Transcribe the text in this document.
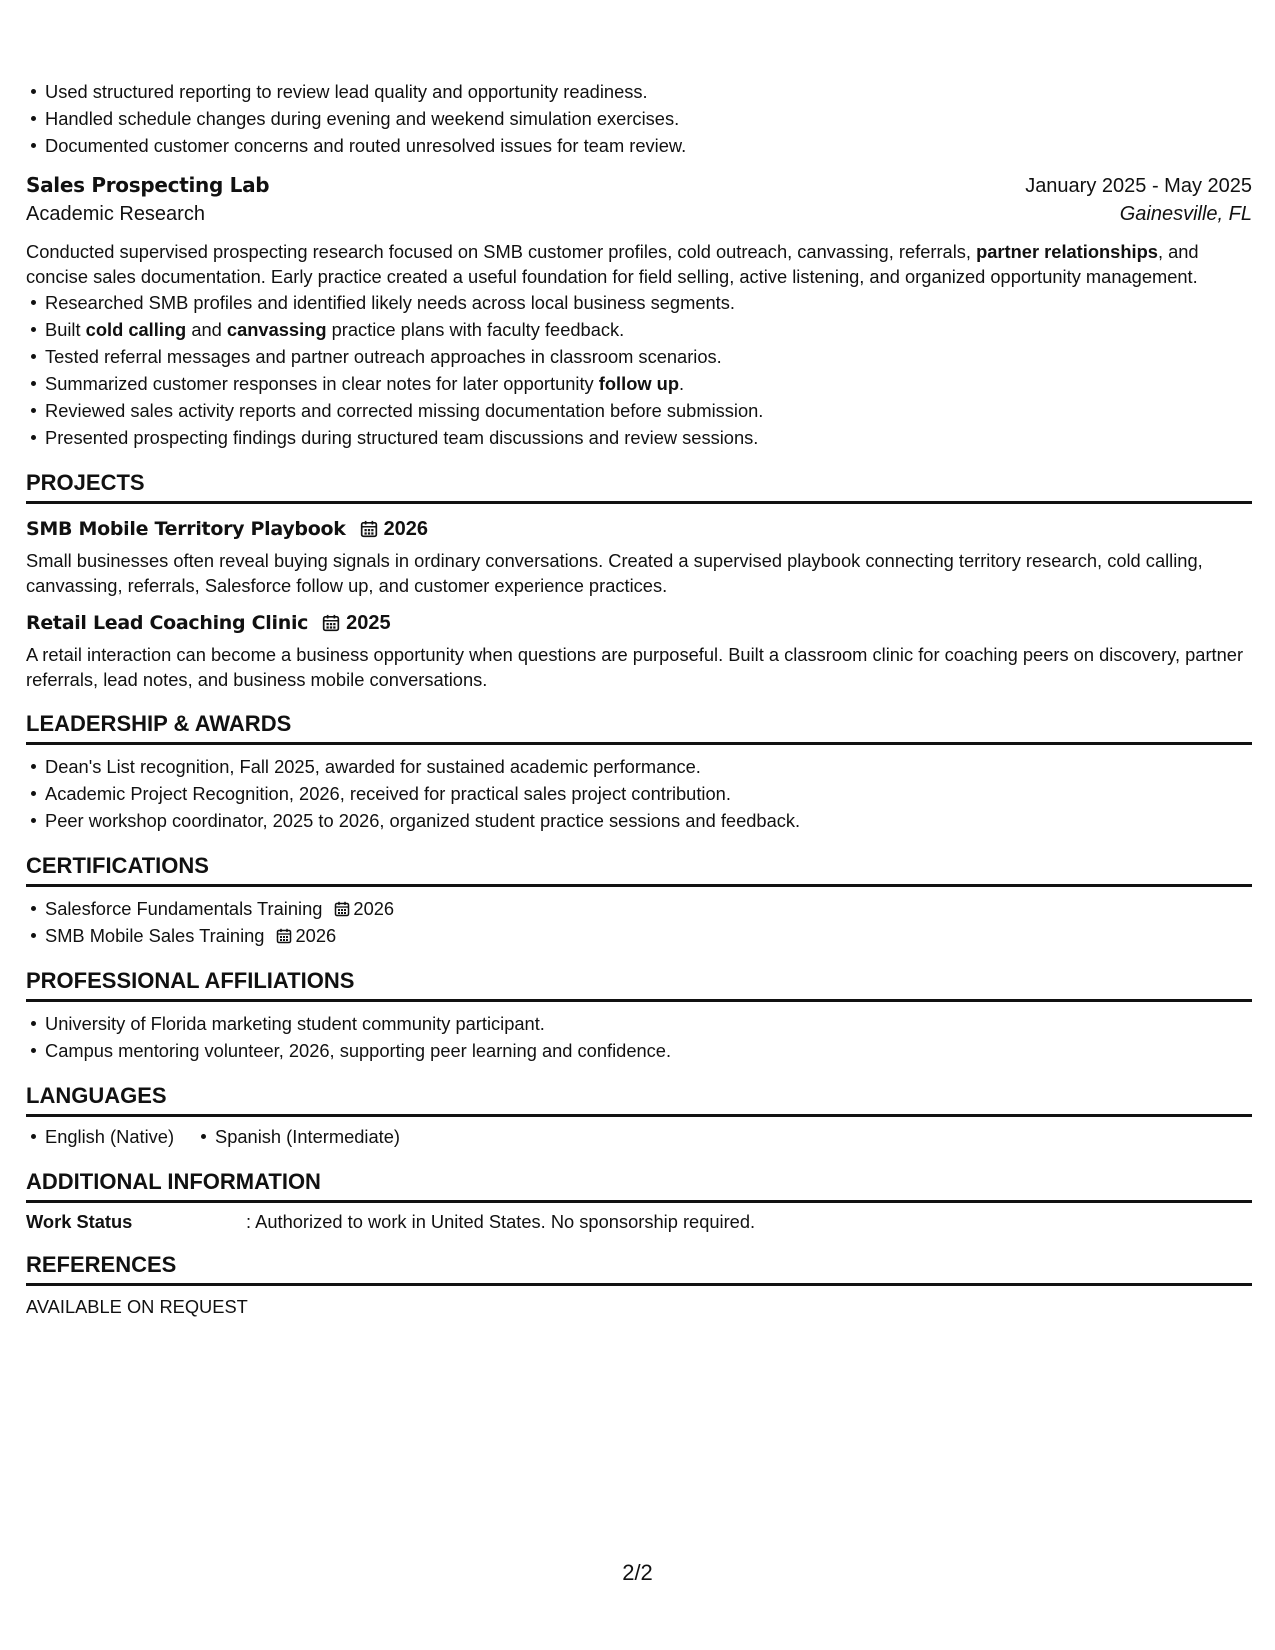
Used structured reporting to review lead quality and opportunity readiness.
Handled schedule changes during evening and weekend simulation exercises.
Documented customer concerns and routed unresolved issues for team review.
Sales Prospecting Lab	January 2025 - May 2025
Academic Research	Gainesville, FL

Conducted supervised prospecting research focused on SMB customer profiles, cold outreach, canvassing, referrals, partner relationships, and concise sales documentation. Early practice created a useful foundation for field selling, active listening, and organized opportunity management.

Researched SMB profiles and identified likely needs across local business segments.
Built cold calling and canvassing practice plans with faculty feedback.
Tested referral messages and partner outreach approaches in classroom scenarios.
Summarized customer responses in clear notes for later opportunity follow up.
Reviewed sales activity reports and corrected missing documentation before submission.
Presented prospecting findings during structured team discussions and review sessions.
PROJECTS
SMB Mobile Territory Playbook 2026

Small businesses often reveal buying signals in ordinary conversations. Created a supervised playbook connecting territory research, cold calling, canvassing, referrals, Salesforce follow up, and customer experience practices.

Retail Lead Coaching Clinic 2025

A retail interaction can become a business opportunity when questions are purposeful. Built a classroom clinic for coaching peers on discovery, partner referrals, lead notes, and business mobile conversations.

LEADERSHIP & AWARDS
Dean's List recognition, Fall 2025, awarded for sustained academic performance.
Academic Project Recognition, 2026, received for practical sales project contribution.
Peer workshop coordinator, 2025 to 2026, organized student practice sessions and feedback.
CERTIFICATIONS
Salesforce Fundamentals Training 2026
SMB Mobile Sales Training 2026
PROFESSIONAL AFFILIATIONS
University of Florida marketing student community participant.
Campus mentoring volunteer, 2026, supporting peer learning and confidence.
LANGUAGES
English (Native)	Spanish (Intermediate)
ADDITIONAL INFORMATION
Work Status	: Authorized to work in United States. No sponsorship required.
REFERENCES
AVAILABLE ON REQUEST
2/2
